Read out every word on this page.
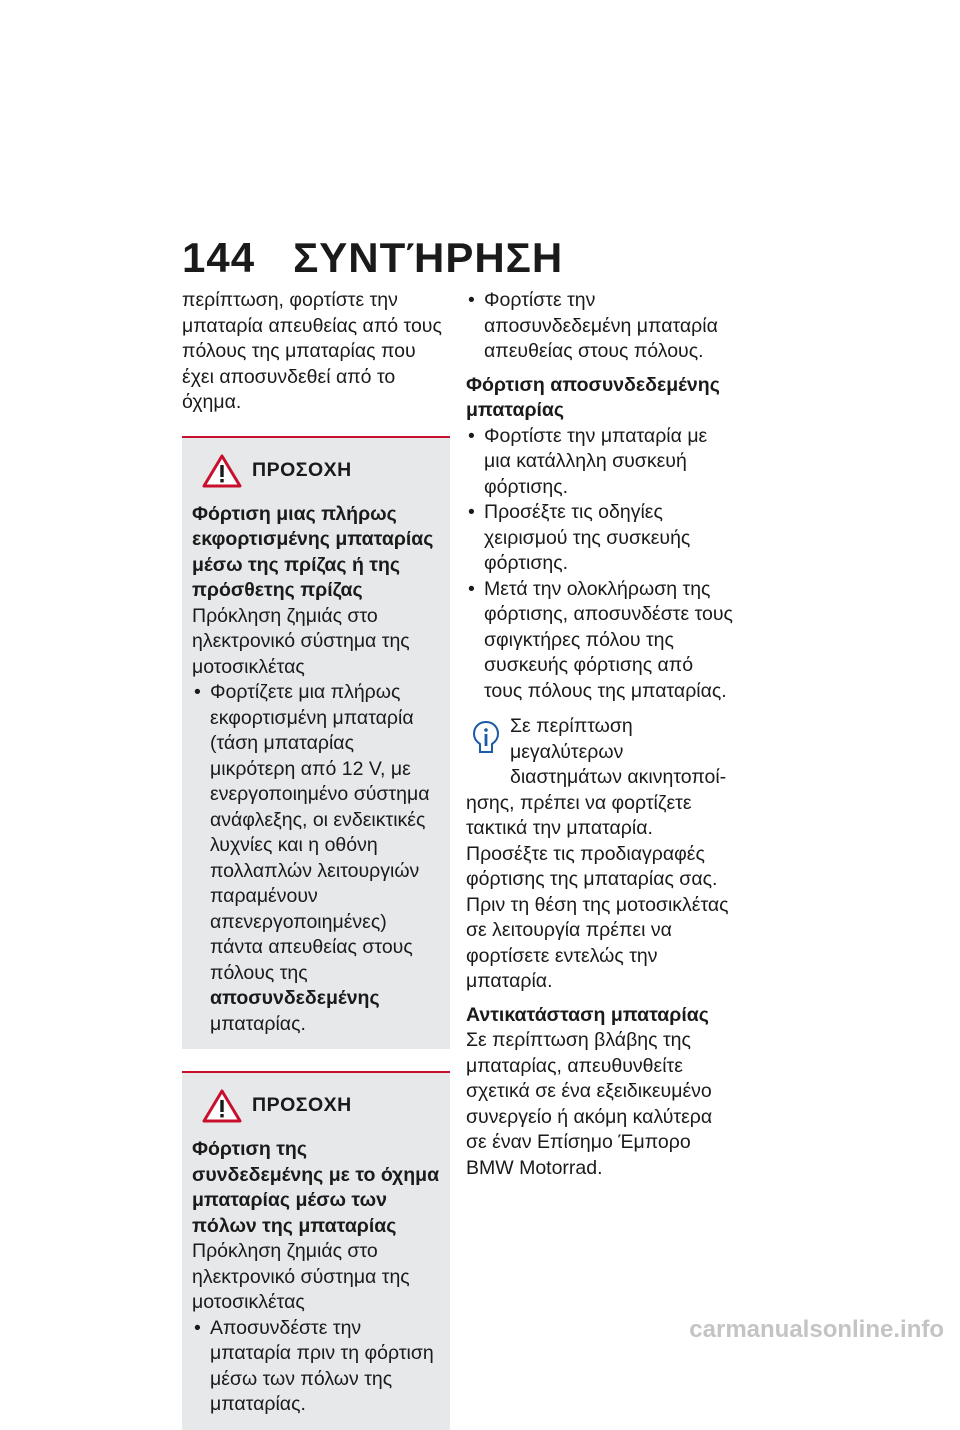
144 ΣΥΝΤΉΡΗΣΗ

περίπτωση, φορτίστε την μπαταρία απευθείας από τους πόλους της μπαταρίας που έχει αποσυνδεθεί από το όχημα.

ΠΡΟΣΟΧΗ

Φόρτιση μιας πλήρως εκφορτισμένης μπαταρίας μέσω της πρίζας ή της πρόσθετης πρίζας

Πρόκληση ζημιάς στο ηλεκτρονικό σύστημα της μοτοσικλέτας

• Φορτίζετε μια πλήρως εκφορτισμένη μπαταρία (τάση μπαταρίας μικρότερη από 12 V, με ενεργοποιημένο σύστημα ανάφλεξης, οι ενδεικτικές λυχνίες και η οθόνη πολλαπλών λειτουργιών παραμένουν απενεργοποιημένες) πάντα απευθείας στους πόλους της αποσυνδεδεμένης μπαταρίας.
ΠΡΟΣΟΧΗ

Φόρτιση της συνδεδεμένης με το όχημα μπαταρίας μέσω των πόλων της μπαταρίας

Πρόκληση ζημιάς στο ηλεκτρονικό σύστημα της μοτοσικλέτας

• Αποσυνδέστε την μπαταρία πριν τη φόρτιση μέσω των πόλων της μπαταρίας.
• Φορτίστε την αποσυνδεδεμένη μπαταρία απευθείας στους πόλους.

Φόρτιση αποσυνδεδεμένης μπαταρίας

• Φορτίστε την μπαταρία με μια κατάλληλη συσκευή φόρτισης.
• Προσέξτε τις οδηγίες χειρισμού της συσκευής φόρτισης.
• Μετά την ολοκλήρωση της φόρτισης, αποσυνδέστε τους σφιγκτήρες πόλου της συσκευής φόρτισης από τους πόλους της μπαταρίας.

Σε περίπτωση μεγαλύτερων διαστημάτων ακινητοποί-

ησης, πρέπει να φορτίζετε τακτικά την μπαταρία. Προσέξτε τις προδιαγραφές φόρτισης της μπαταρίας σας. Πριν τη θέση της μοτοσικλέτας σε λειτουργία πρέπει να φορτίσετε εντελώς την μπαταρία.

Αντικατάσταση μπαταρίας

Σε περίπτωση βλάβης της μπαταρίας, απευθυνθείτε σχετικά σε ένα εξειδικευμένο συνεργείο ή ακόμη καλύτερα σε έναν Επίσημο Έμπορο BMW Motorrad.

carmanualsonline.info
